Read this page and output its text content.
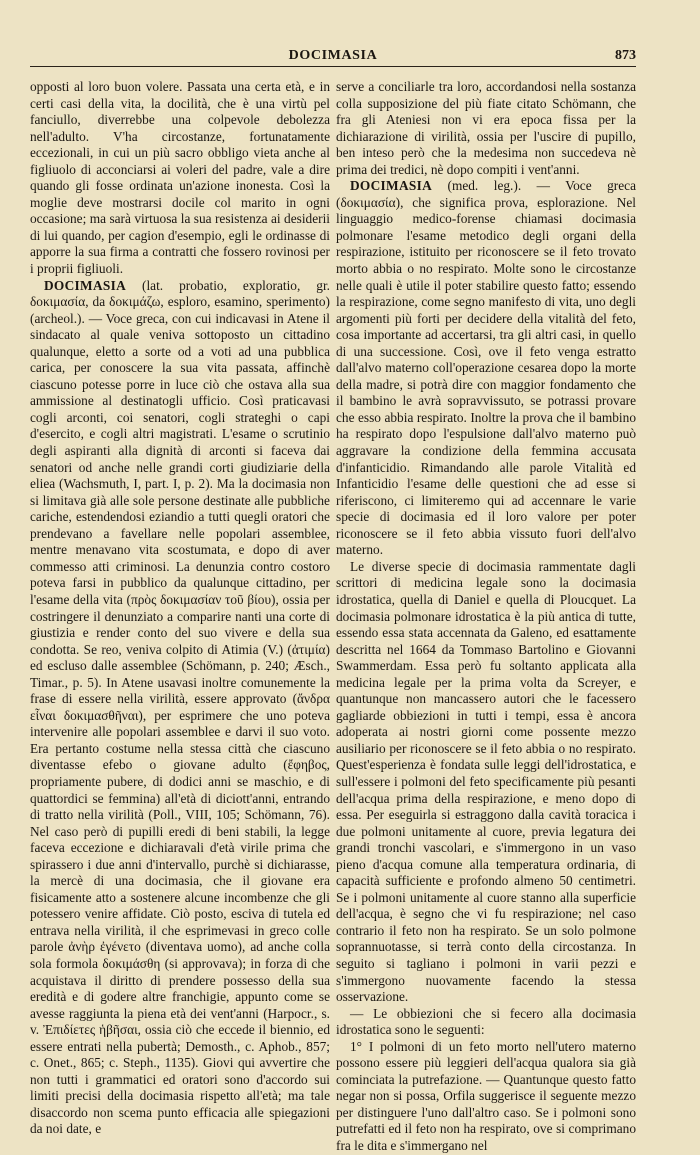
DOCIMASIA	873

opposti al loro buon volere. Passata una certa età, e in certi casi della vita, la docilità, che è una virtù pel fanciullo, diverrebbe una colpevole debolezza nell'adulto. V'ha circostanze, fortunatamente eccezionali, in cui un più sacro obbligo vieta anche al figliuolo di acconciarsi ai voleri del padre, vale a dire quando gli fosse ordinata un'azione inonesta. Così la moglie deve mostrarsi docile col marito in ogni occasione; ma sarà virtuosa la sua resistenza ai desiderii di lui quando, per cagion d'esempio, egli le ordinasse di apporre la sua firma a contratti che fossero rovinosi per i proprii figliuoli.

DOCIMASIA (lat. probatio, exploratio, gr. δοκιμασία, da δοκιμάζω, esploro, esamino, sperimento) (archeol.). — Voce greca, con cui indicavasi in Atene il sindacato al quale veniva sottoposto un cittadino qualunque, eletto a sorte od a voti ad una pubblica carica, per conoscere la sua vita passata, affinchè ciascuno potesse porre in luce ciò che ostava alla sua ammissione al destinatogli ufficio. Così praticavasi cogli arconti, coi senatori, cogli strateghi o capi d'esercito, e cogli altri magistrati. L'esame o scrutinio degli aspiranti alla dignità di arconti si faceva dai senatori od anche nelle grandi corti giudiziarie della eliea (Wachsmuth, I, part. I, p. 2). Ma la docimasia non si limitava già alle sole persone destinate alle pubbliche cariche, estendendosi eziandio a tutti quegli oratori che prendevano a favellare nelle popolari assemblee, mentre menavano vita scostumata, e dopo di aver commesso atti criminosi. La denunzia contro costoro poteva farsi in pubblico da qualunque cittadino, per l'esame della vita (πρὸς δοκιμασίαν τοῦ βίου), ossia per costringere il denunziato a comparire nanti una corte di giustizia e render conto del suo vivere e della sua condotta. Se reo, veniva colpito di Atimia (V.) (ἀτιμία) ed escluso dalle assemblee (Schömann, p. 240; Æsch., Timar., p. 5). In Atene usavasi inoltre comunemente la frase di essere nella virilità, essere approvato (ἄνδρα εἶναι δοκιμασθῆναι), per esprimere che uno poteva intervenire alle popolari assemblee e darvi il suo voto. Era pertanto costume nella stessa città che ciascuno diventasse efebo o giovane adulto (ἔφηβος, propriamente pubere, di dodici anni se maschio, e di quattordici se femmina) all'età di diciott'anni, entrando di tratto nella virilità (Poll., VIII, 105; Schömann, 76). Nel caso però di pupilli eredi di beni stabili, la legge faceva eccezione e dichiaravali d'età virile prima che spirassero i due anni d'intervallo, purchè si dichiarasse, la mercè di una docimasia, che il giovane era fisicamente atto a sostenere alcune incombenze che gli potessero venire affidate. Ciò posto, esciva di tutela ed entrava nella virilità, il che esprimevasi in greco colle parole ἀνὴρ ἐγένετο (diventava uomo), ad anche colla sola formola δοκιμάσθη (si approvava); in forza di che acquistava il diritto di prendere possesso della sua eredità e di godere altre franchigie, appunto come se avesse raggiunta la piena età dei vent'anni (Harpocr., s. v. Ἐπιδίετες ἡβῆσαι, ossia ciò che eccede il biennio, ed essere entrati nella pubertà; Demosth., c. Aphob., 857; c. Onet., 865; c. Steph., 1135). Giovi qui avvertire che non tutti i grammatici ed oratori sono d'accordo sui limiti precisi della docimasia rispetto all'età; ma tale disaccordo non scema punto efficacia alle spiegazioni da noi date, e

serve a conciliarle tra loro, accordandosi nella sostanza colla supposizione del più fiate citato Schömann, che fra gli Ateniesi non vi era epoca fissa per la dichiarazione di virilità, ossia per l'uscire di pupillo, ben inteso però che la medesima non succedeva nè prima dei tredici, nè dopo compiti i vent'anni.

DOCIMASIA (med. leg.). — Voce greca (δοκιμασία), che significa prova, esplorazione. Nel linguaggio medico-forense chiamasi docimasia polmonare l'esame metodico degli organi della respirazione, istituito per riconoscere se il feto trovato morto abbia o no respirato. Molte sono le circostanze nelle quali è utile il poter stabilire questo fatto; essendo la respirazione, come segno manifesto di vita, uno degli argomenti più forti per decidere della vitalità del feto, cosa importante ad accertarsi, tra gli altri casi, in quello di una successione. Così, ove il feto venga estratto dall'alvo materno coll'operazione cesarea dopo la morte della madre, si potrà dire con maggior fondamento che il bambino le avrà sopravvissuto, se potrassi provare che esso abbia respirato. Inoltre la prova che il bambino ha respirato dopo l'espulsione dall'alvo materno può aggravare la condizione della femmina accusata d'infanticidio. Rimandando alle parole Vitalità ed Infanticidio l'esame delle questioni che ad esse si riferiscono, ci limiteremo qui ad accennare le varie specie di docimasia ed il loro valore per poter riconoscere se il feto abbia vissuto fuori dell'alvo materno.

Le diverse specie di docimasia rammentate dagli scrittori di medicina legale sono la docimasia idrostatica, quella di Daniel e quella di Ploucquet. La docimasia polmonare idrostatica è la più antica di tutte, essendo essa stata accennata da Galeno, ed esattamente descritta nel 1664 da Tommaso Bartolino e Giovanni Swammerdam. Essa però fu soltanto applicata alla medicina legale per la prima volta da Screyer, e quantunque non mancassero autori che le facessero gagliarde obbiezioni in tutti i tempi, essa è ancora adoperata ai nostri giorni come possente mezzo ausiliario per riconoscere se il feto abbia o no respirato. Quest'esperienza è fondata sulle leggi dell'idrostatica, e sull'essere i polmoni del feto specificamente più pesanti dell'acqua prima della respirazione, e meno dopo di essa. Per eseguirla si estraggono dalla cavità toracica i due polmoni unitamente al cuore, previa legatura dei grandi tronchi vascolari, e s'immergono in un vaso pieno d'acqua comune alla temperatura ordinaria, di capacità sufficiente e profondo almeno 50 centimetri. Se i polmoni unitamente al cuore stanno alla superficie dell'acqua, è segno che vi fu respirazione; nel caso contrario il feto non ha respirato. Se un solo polmone soprannuotasse, si terrà conto della circostanza. In seguito si tagliano i polmoni in varii pezzi e s'immergono nuovamente facendo la stessa osservazione.

— Le obbiezioni che si fecero alla docimasia idrostatica sono le seguenti:

1° I polmoni di un feto morto nell'utero materno possono essere più leggieri dell'acqua qualora sia già cominciata la putrefazione. — Quantunque questo fatto negar non si possa, Orfila suggerisce il seguente mezzo per distinguere l'uno dall'altro caso. Se i polmoni sono putrefatti ed il feto non ha respirato, ove si comprimano fra le dita e s'immergano nel
